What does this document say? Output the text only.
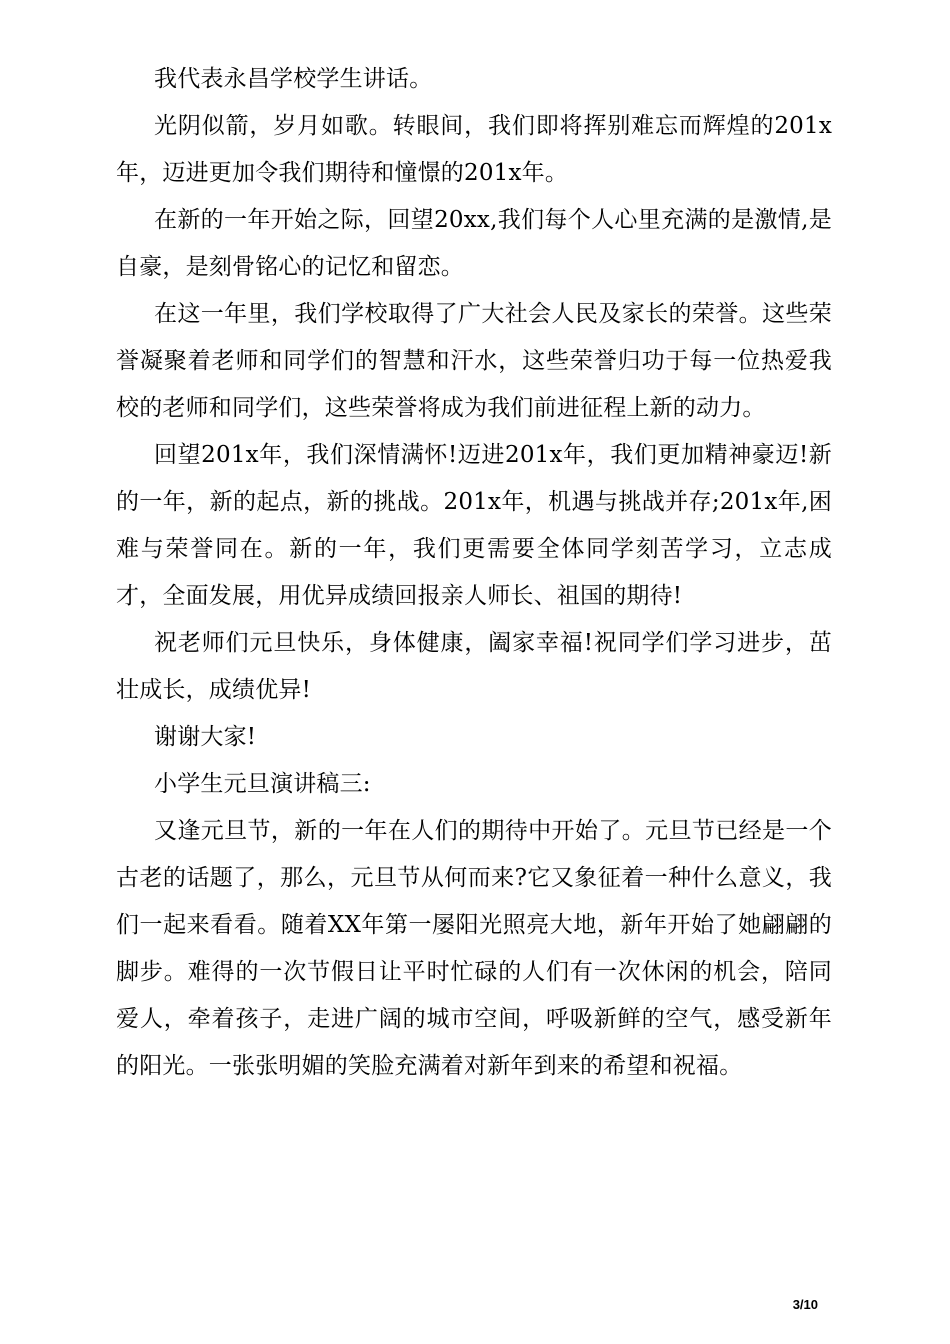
我代表永昌学校学生讲话。

光阴似箭，岁月如歌。转眼间，我们即将挥别难忘而辉煌的201x年，迈进更加令我们期待和憧憬的201x年。

在新的一年开始之际，回望20xx,我们每个人心里充满的是激情,是自豪，是刻骨铭心的记忆和留恋。

在这一年里，我们学校取得了广大社会人民及家长的荣誉。这些荣誉凝聚着老师和同学们的智慧和汗水，这些荣誉归功于每一位热爱我校的老师和同学们，这些荣誉将成为我们前进征程上新的动力。

回望201x年，我们深情满怀!迈进201x年，我们更加精神豪迈!新的一年，新的起点，新的挑战。201x年，机遇与挑战并存;201x年,困难与荣誉同在。新的一年，我们更需要全体同学刻苦学习，立志成才，全面发展，用优异成绩回报亲人师长、祖国的期待!

祝老师们元旦快乐，身体健康，阖家幸福!祝同学们学习进步，茁壮成长，成绩优异!

谢谢大家!

小学生元旦演讲稿三:

又逢元旦节，新的一年在人们的期待中开始了。元旦节已经是一个古老的话题了，那么，元旦节从何而来?它又象征着一种什么意义，我们一起来看看。随着XX年第一屡阳光照亮大地，新年开始了她翩翩的脚步。难得的一次节假日让平时忙碌的人们有一次休闲的机会，陪同爱人，牵着孩子，走进广阔的城市空间，呼吸新鲜的空气，感受新年的阳光。一张张明媚的笑脸充满着对新年到来的希望和祝福。

3/10
